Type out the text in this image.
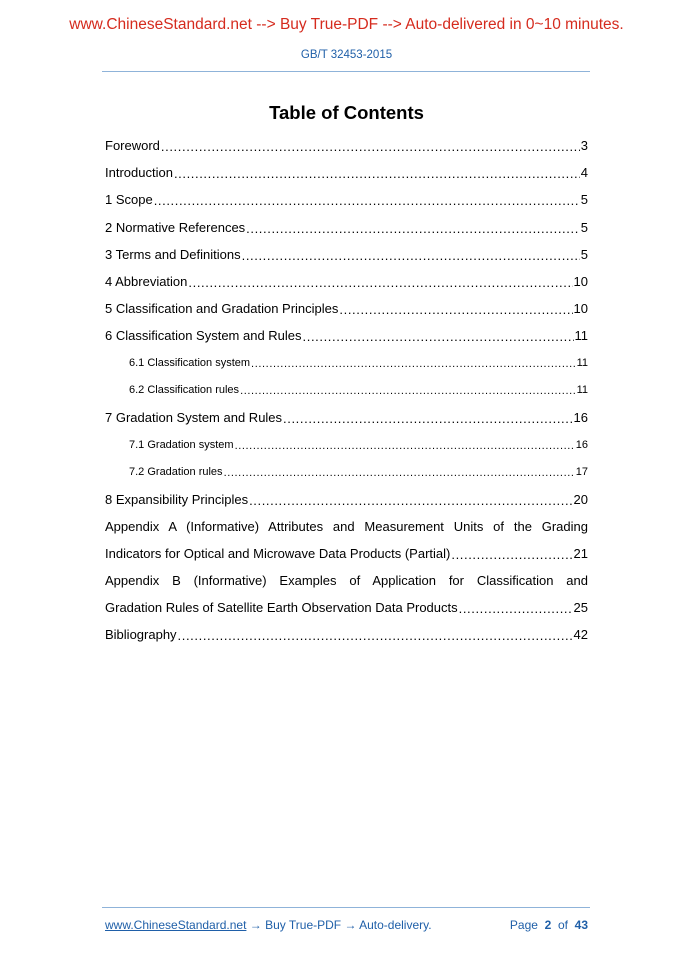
www.ChineseStandard.net --> Buy True-PDF --> Auto-delivered in 0~10 minutes.
GB/T 32453-2015
Table of Contents
Foreword .....	3
Introduction .....	4
1 Scope .....	5
2 Normative References .....	5
3 Terms and Definitions .....	5
4 Abbreviation .....	10
5 Classification and Gradation Principles .....	10
6 Classification System and Rules .....	11
6.1 Classification system .....	11
6.2 Classification rules .....	11
7 Gradation System and Rules .....	16
7.1 Gradation system .....	16
7.2 Gradation rules .....	17
8 Expansibility Principles .....	20
Appendix A (Informative) Attributes and Measurement Units of the Grading
Indicators for Optical and Microwave Data Products (Partial) .....	21
Appendix B (Informative) Examples of Application for Classification and
Gradation Rules of Satellite Earth Observation Data Products .....	25
Bibliography .....	42
www.ChineseStandard.net → Buy True-PDF → Auto-delivery.	Page 2 of 43
